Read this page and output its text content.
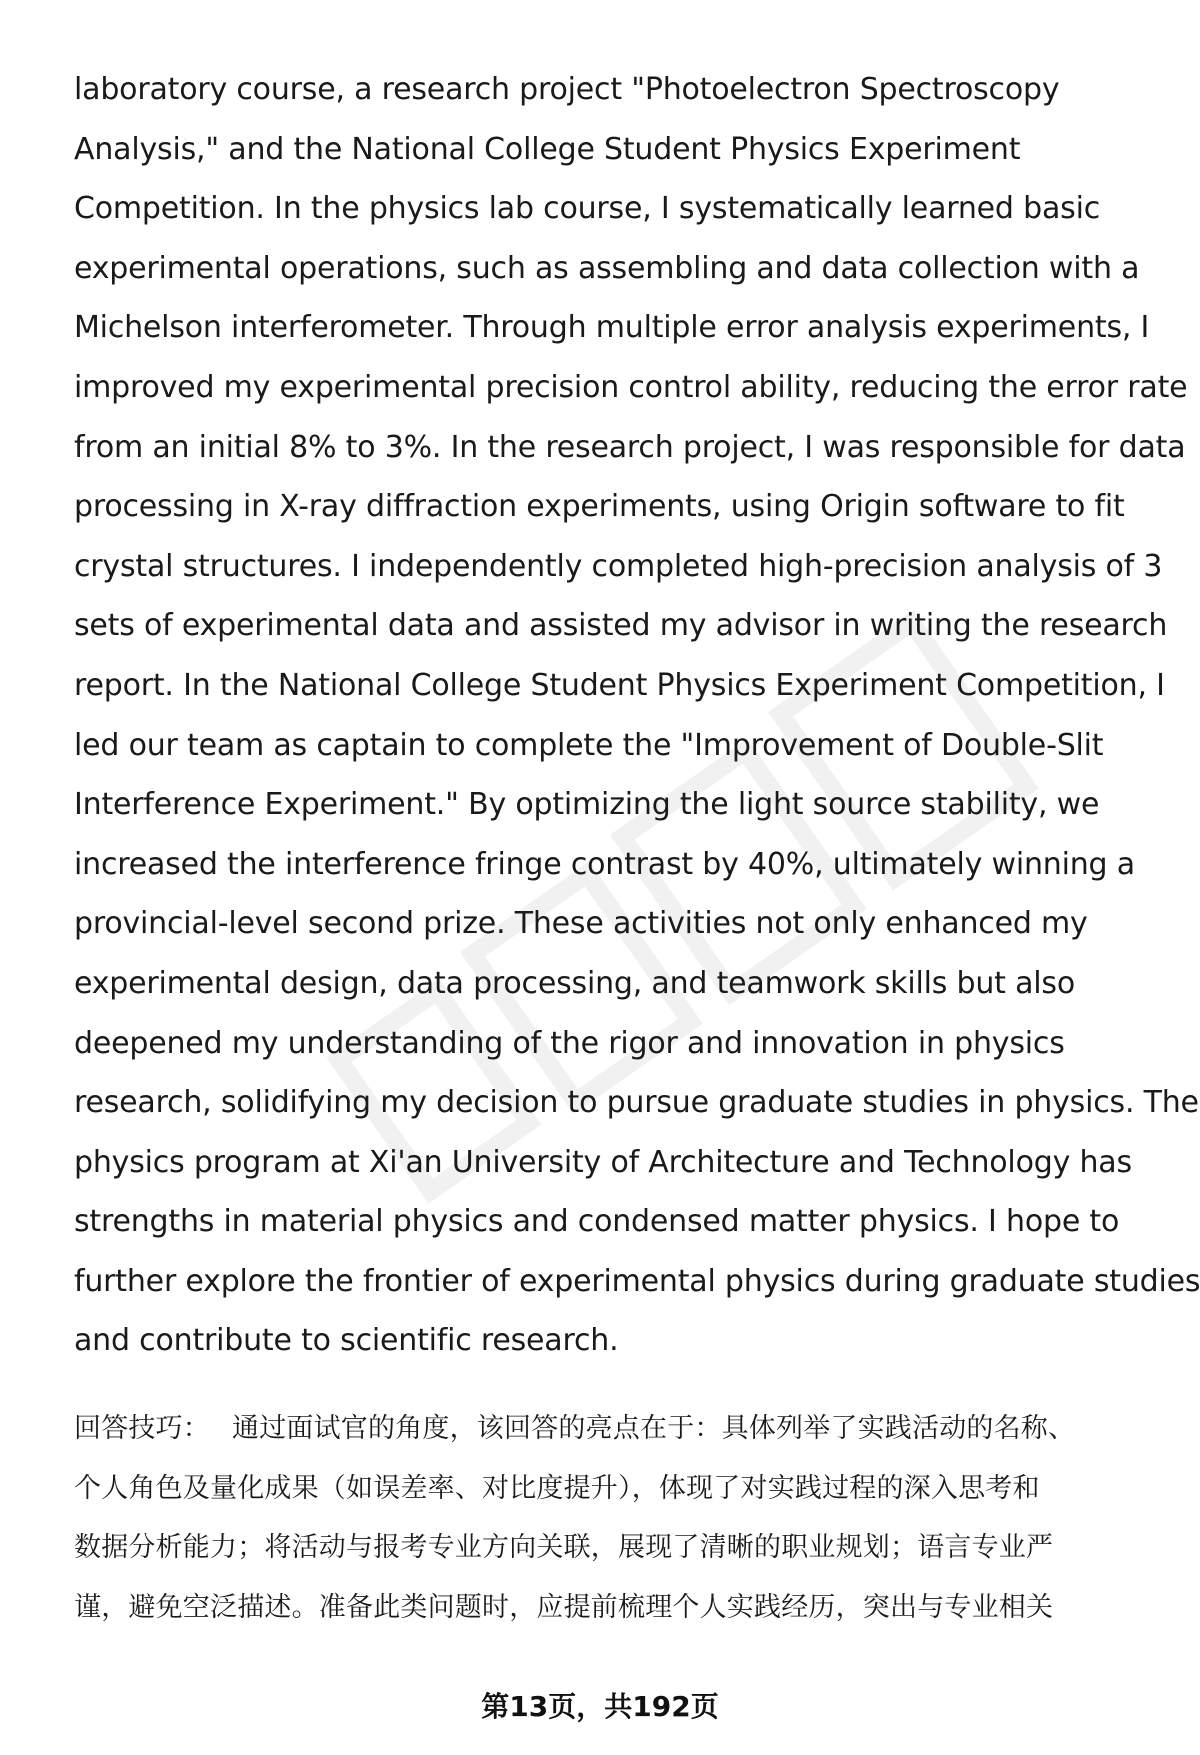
laboratory course, a research project "Photoelectron Spectroscopy
Analysis," and the National College Student Physics Experiment
Competition. In the physics lab course, I systematically learned basic
experimental operations, such as assembling and data collection with a
Michelson interferometer. Through multiple error analysis experiments, I
improved my experimental precision control ability, reducing the error rate
from an initial 8% to 3%. In the research project, I was responsible for data
processing in X-ray diffraction experiments, using Origin software to fit
crystal structures. I independently completed high-precision analysis of 3
sets of experimental data and assisted my advisor in writing the research
report. In the National College Student Physics Experiment Competition, I
led our team as captain to complete the "Improvement of Double-Slit
Interference Experiment." By optimizing the light source stability, we
increased the interference fringe contrast by 40%, ultimately winning a
provincial-level second prize. These activities not only enhanced my
experimental design, data processing, and teamwork skills but also
deepened my understanding of the rigor and innovation in physics
research, solidifying my decision to pursue graduate studies in physics. The
physics program at Xi'an University of Architecture and Technology has
strengths in material physics and condensed matter physics. I hope to
further explore the frontier of experimental physics during graduate studies
and contribute to scientific research.
回答技巧： 通过面试官的角度，该回答的亮点在于：具体列举了实践活动的名称、
个人角色及量化成果（如误差率、对比度提升），体现了对实践过程的深入思考和
数据分析能力；将活动与报考专业方向关联，展现了清晰的职业规划；语言专业严
谨，避免空泛描述。准备此类问题时，应提前梳理个人实践经历，突出与专业相关
第13页，共192页
